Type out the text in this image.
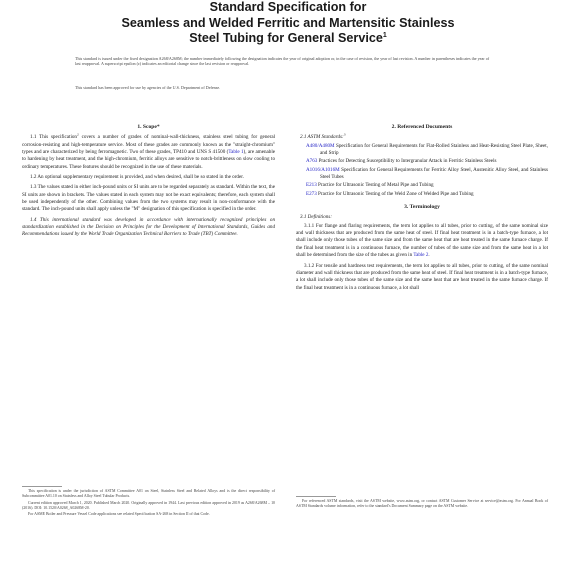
Standard Specification for
Seamless and Welded Ferritic and Martensitic Stainless
Steel Tubing for General Service$^1$
This standard is issued under the fixed designation A268/A268M; the number immediately following the designation indicates the year of original adoption or, in the case of revision, the year of last revision. A number in parentheses indicates the year of last reapproval. A superscript epsilon (ε) indicates an editorial change since the last revision or reapproval.
This standard has been approved for use by agencies of the U.S. Department of Defense.
1. Scope*
1.1 This specification$^2$ covers a number of grades of nominal-wall-thickness, stainless steel tubing for general corrosion-resisting and high-temperature service. Most of these grades are commonly known as the "straight-chromium" types and are characterized by being ferromagnetic. Two of these grades, TP410 and UNS S 41500 (Table 1), are amenable to hardening by heat treatment, and the high-chromium, ferritic alloys are sensitive to notch-brittleness on slow cooling to ordinary temperatures. These features should be recognized in the use of these materials.
1.2 An optional supplementary requirement is provided, and when desired, shall be so stated in the order.
1.3 The values stated in either inch-pound units or SI units are to be regarded separately as standard. Within the text, the SI units are shown in brackets. The values stated in each system may not be exact equivalents; therefore, each system shall be used independently of the other. Combining values from the two systems may result in non-conformance with the standard. The inch-pound units shall apply unless the "M" designation of this specification is specified in the order.
1.4 This international standard was developed in accordance with internationally recognized principles on standardization established in the Decision on Principles for the Development of International Standards, Guides and Recommendations issued by the World Trade Organization Technical Barriers to Trade (TBT) Committee.
2. Referenced Documents
2.1 ASTM Standards:$^3$
A480/A480M Specification for General Requirements for Flat-Rolled Stainless and Heat-Resisting Steel Plate, Sheet, and Strip
A763 Practices for Detecting Susceptibility to Intergranular Attack in Ferritic Stainless Steels
A1016/A1016M Specification for General Requirements for Ferritic Alloy Steel, Austenitic Alloy Steel, and Stainless Steel Tubes
E213 Practice for Ultrasonic Testing of Metal Pipe and Tubing
E273 Practice for Ultrasonic Testing of the Weld Zone of Welded Pipe and Tubing
3. Terminology
3.1 Definitions:
3.1.1 For flange and flaring requirements, the term lot applies to all tubes, prior to cutting, of the same nominal size and wall thickness that are produced from the same heat of steel. If final heat treatment is in a batch-type furnace, a lot shall include only those tubes of the same size and from the same heat that are heat treated in the same furnace charge. If the final heat treatment is in a continuous furnace, the number of tubes of the same size and from the same heat in a lot shall be determined from the size of the tubes as given in Table 2.
3.1.2 For tensile and hardness test requirements, the term lot applies to all tubes, prior to cutting, of the same nominal diameter and wall thickness that are produced from the same heat of steel. If final heat treatment is in a batch-type furnace, a lot shall include only those tubes of the same size and the same heat that are heat treated in the same furnace charge. If the final heat treatment is in a continuous furnace, a lot shall
This specification is under the jurisdiction of ASTM Committee A01 on Steel, Stainless Steel and Related Alloys and is the direct responsibility of Subcommittee A01.10 on Stainless and Alloy Steel Tubular Products.
Current edition approved March 1, 2020. Published March 2020. Originally approved in 1944. Last previous edition approved in 2019 as A268/A268M – 10 (2016). DOI: 10.1520/A0268_A0268M-20.
For ASME Boiler and Pressure Vessel Code applications see related Specification SA-268 in Section II of that Code.
For referenced ASTM standards, visit the ASTM website, www.astm.org, or contact ASTM Customer Service at service@astm.org. For Annual Book of ASTM Standards volume information, refer to the standard's Document Summary page on the ASTM website.
